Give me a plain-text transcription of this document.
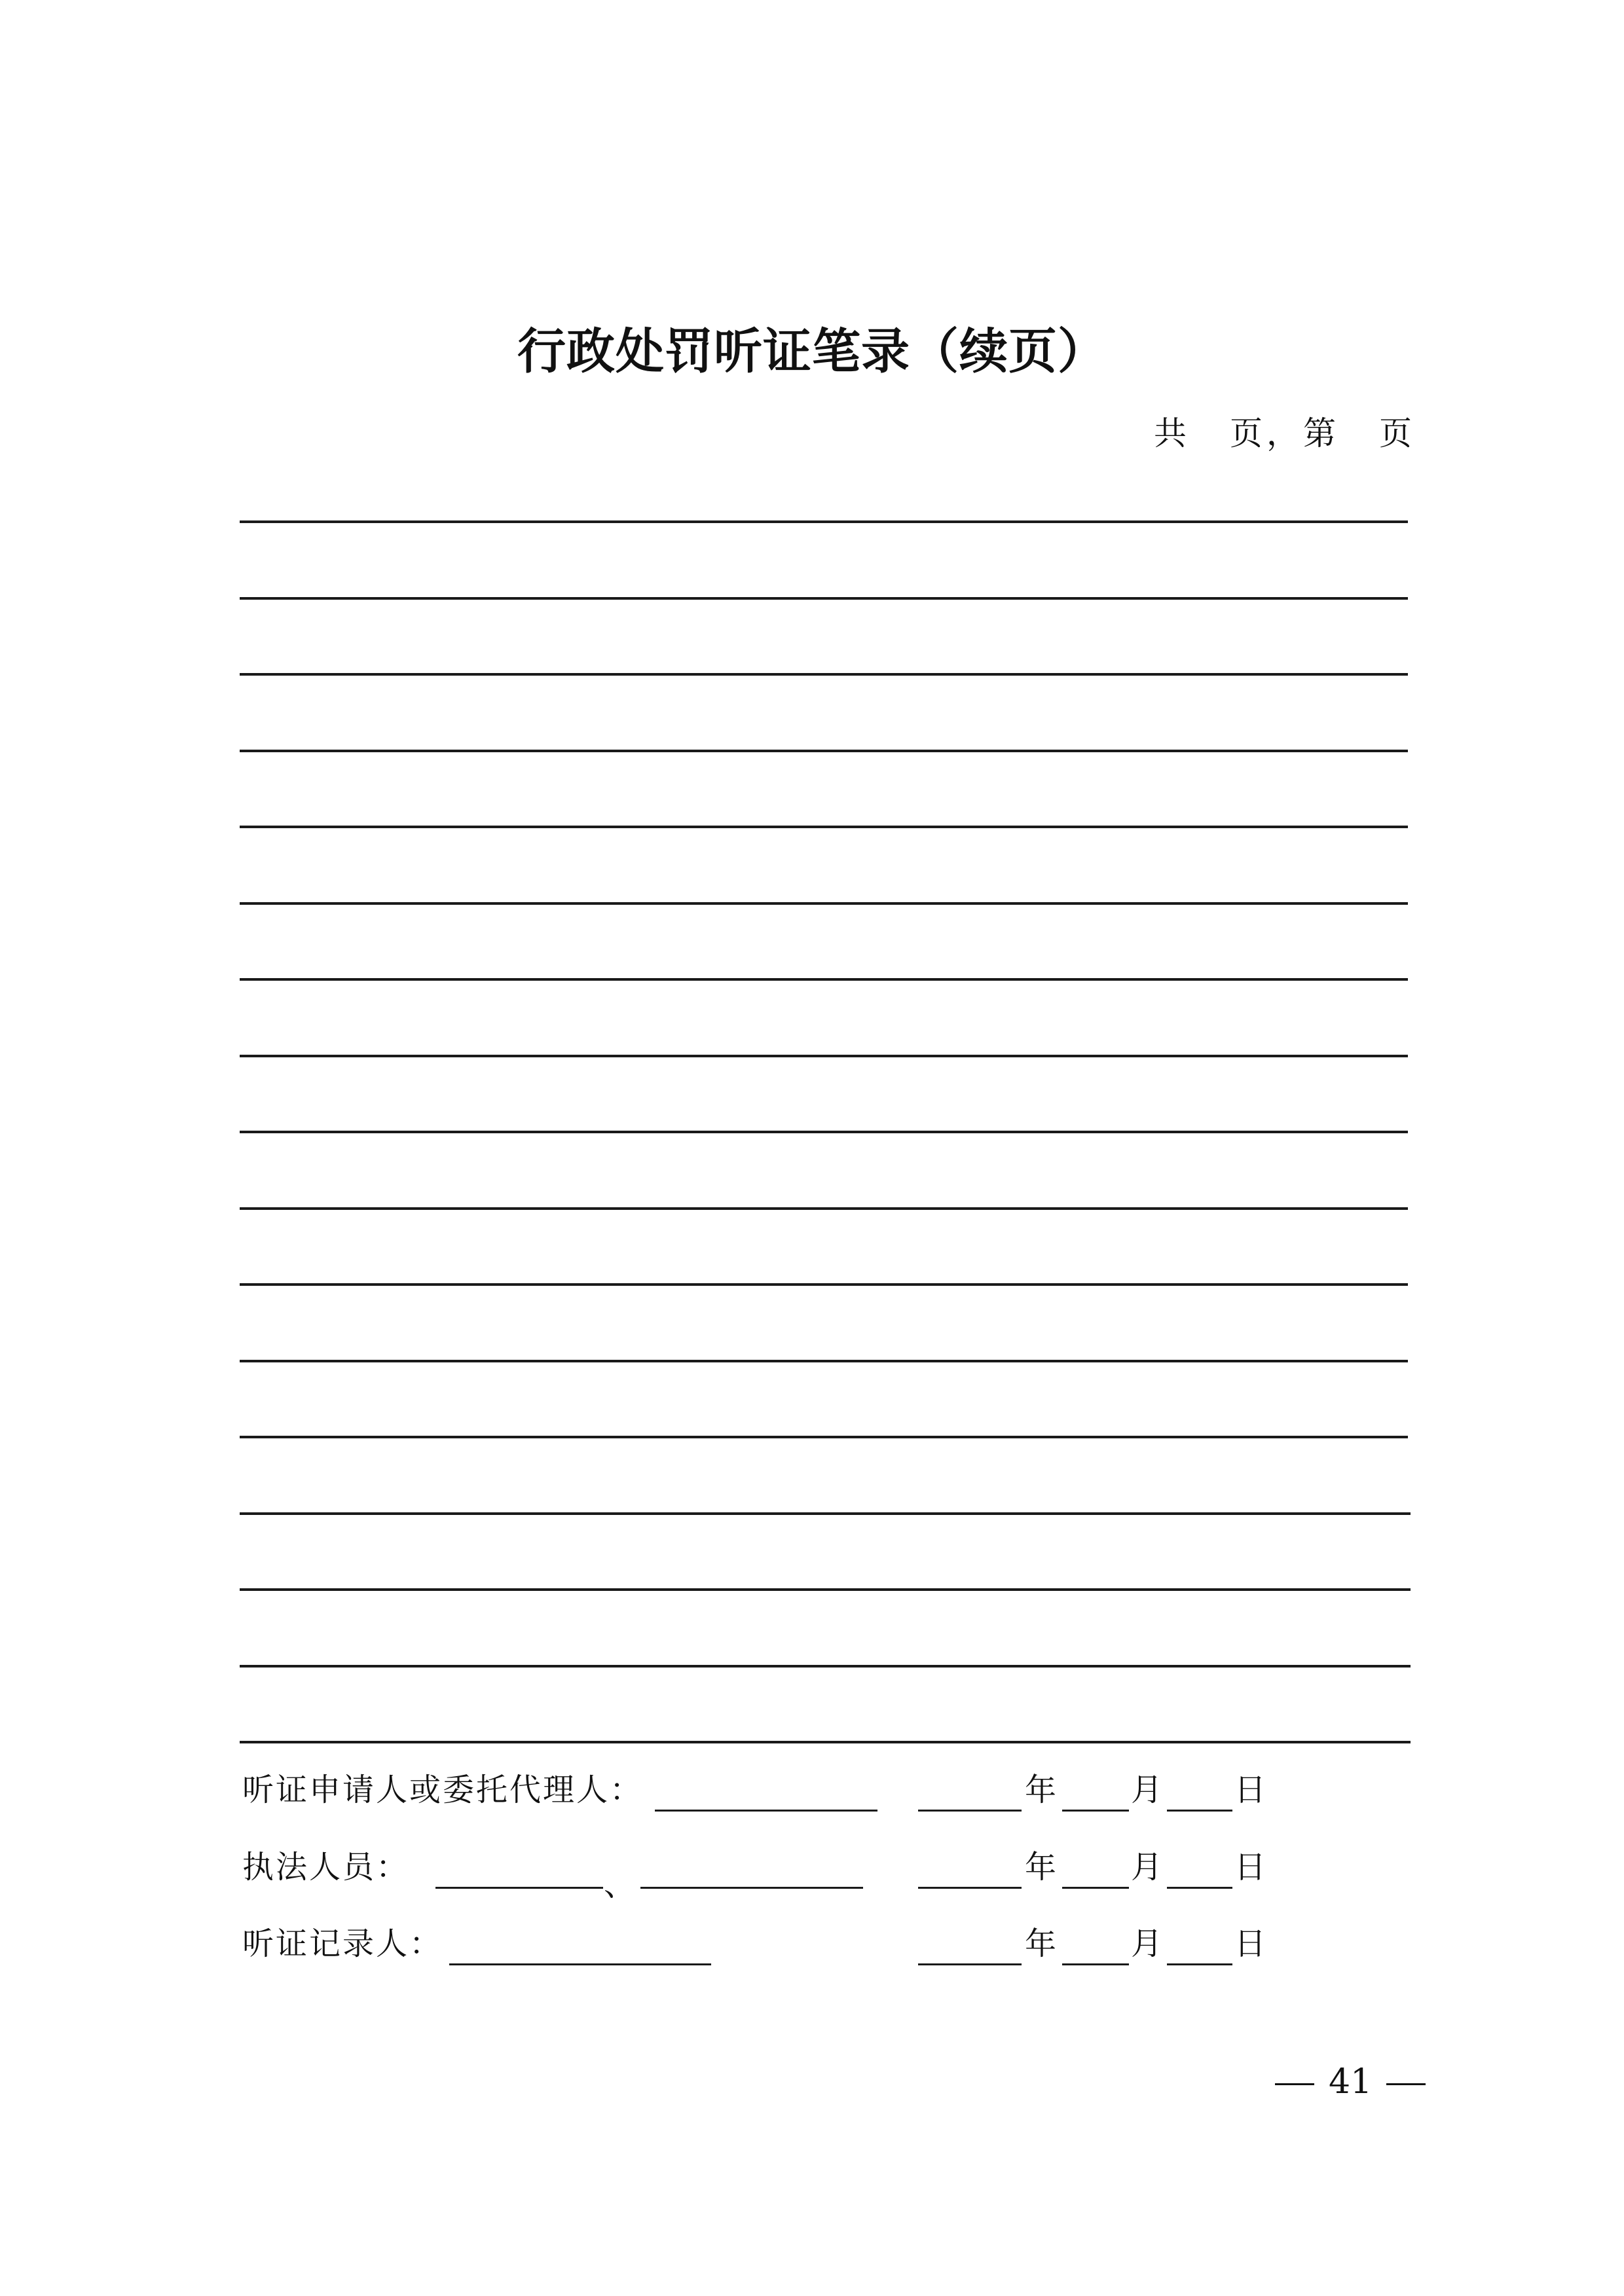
行政处罚听证笔录（续页）
共 页，第 页
听证申请人或委托代理人：
执法人员：	、
听证记录人：
年 月 日
年 月 日
年 月 日
41
